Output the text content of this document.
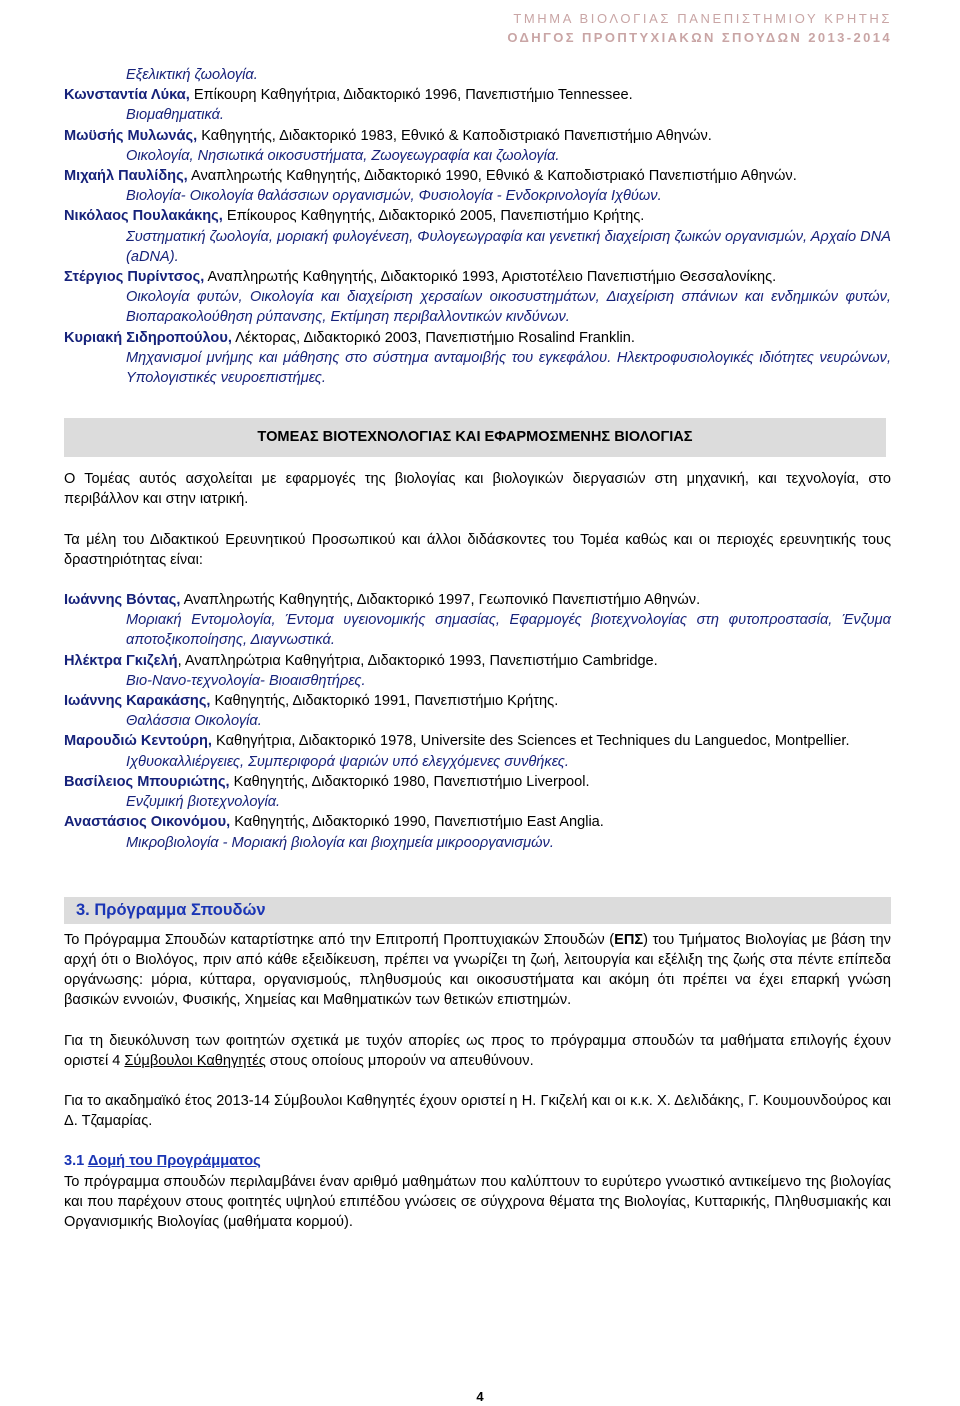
ΤΜΗΜΑ ΒΙΟΛΟΓΙΑΣ ΠΑΝΕΠΙΣΤΗΜΙΟΥ ΚΡΗΤΗΣ
ΟΔΗΓΟΣ ΠΡΟΠΤΥΧΙΑΚΩΝ ΣΠΟΥΔΩΝ 2013-2014
Εξελικτική ζωολογία.
Κωνσταντία Λύκα, Επίκουρη Καθηγήτρια, Διδακτορικό 1996, Πανεπιστήμιο Tennessee.
Βιομαθηματικά.
Μωϋσής Μυλωνάς, Καθηγητής, Διδακτορικό 1983, Εθνικό & Καποδιστριακό Πανεπιστήμιο Αθηνών.
Οικολογία, Νησιωτικά οικοσυστήματα, Ζωογεωγραφία και ζωολογία.
Μιχαήλ Παυλίδης, Αναπληρωτής Καθηγητής, Διδακτορικό 1990, Εθνικό & Καποδιστριακό Πανεπιστήμιο Αθηνών.
Βιολογία- Οικολογία θαλάσσιων οργανισμών, Φυσιολογία - Ενδοκρινολογία Ιχθύων.
Νικόλαος Πουλακάκης, Επίκουρος Καθηγητής, Διδακτορικό 2005, Πανεπιστήμιο Κρήτης.
Συστηματική ζωολογία, μοριακή φυλογένεση, Φυλογεωγραφία και γενετική διαχείριση ζωικών οργανισμών, Αρχαίο DNA (aDNA).
Στέργιος Πυρίντσος, Αναπληρωτής Καθηγητής, Διδακτορικό 1993, Αριστοτέλειο Πανεπιστήμιο Θεσσαλονίκης.
Οικολογία φυτών, Οικολογία και διαχείριση χερσαίων οικοσυστημάτων, Διαχείριση σπάνιων και ενδημικών φυτών, Βιοπαρακολούθηση ρύπανσης, Εκτίμηση περιβαλλοντικών κινδύνων.
Κυριακή Σιδηροπούλου, Λέκτορας, Διδακτορικό 2003, Πανεπιστήμιο Rosalind Franklin.
Μηχανισμοί μνήμης και μάθησης στο σύστημα ανταμοιβής του εγκεφάλου. Ηλεκτροφυσιολογικές ιδιότητες νευρώνων, Υπολογιστικές νευροεπιστήμες.
ΤΟΜΕΑΣ ΒΙΟΤΕΧΝΟΛΟΓΙΑΣ ΚΑΙ ΕΦΑΡΜΟΣΜΕΝΗΣ ΒΙΟΛΟΓΙΑΣ

Ο Τομέας αυτός ασχολείται με εφαρμογές της βιολογίας και βιολογικών διεργασιών στη μηχανική, και τεχνολογία, στο περιβάλλον και στην ιατρική.

Τα μέλη του Διδακτικού Ερευνητικού Προσωπικού και άλλοι διδάσκοντες του Τομέα καθώς και οι περιοχές ερευνητικής τους δραστηριότητας είναι:

Ιωάννης Βόντας, Αναπληρωτής Καθηγητής, Διδακτορικό 1997, Γεωπονικό Πανεπιστήμιο Αθηνών.
Μοριακή Εντομολογία, Έντομα υγειονομικής σημασίας, Εφαρμογές βιοτεχνολογίας στη φυτοπροστασία, Ένζυμα αποτοξικοποίησης, Διαγνωστικά.
Ηλέκτρα Γκιζελή, Αναπληρώτρια Καθηγήτρια, Διδακτορικό 1993, Πανεπιστήμιο Cambridge.
Βιο-Νανο-τεχνολογία- Βιοαισθητήρες.
Ιωάννης Καρακάσης, Καθηγητής, Διδακτορικό 1991, Πανεπιστήμιο Κρήτης.
Θαλάσσια Οικολογία.
Μαρουδιώ Κεντούρη, Καθηγήτρια, Διδακτορικό 1978, Universite des Sciences et Techniques du Languedoc, Montpellier.
Ιχθυοκαλλιέργειες, Συμπεριφορά ψαριών υπό ελεγχόμενες συνθήκες.
Βασίλειος Μπουριώτης, Καθηγητής, Διδακτορικό 1980, Πανεπιστήμιο Liverpool.
Ενζυμική βιοτεχνολογία.
Αναστάσιος Οικονόμου, Καθηγητής, Διδακτορικό 1990, Πανεπιστήμιο East Anglia.
Μικροβιολογία - Μοριακή βιολογία και βιοχημεία μικροοργανισμών.
3. Πρόγραμμα Σπουδών

Το Πρόγραμμα Σπουδών καταρτίστηκε από την Επιτροπή Προπτυχιακών Σπουδών (ΕΠΣ) του Τμήματος Βιολογίας με βάση την αρχή ότι ο Βιολόγος, πριν από κάθε εξειδίκευση, πρέπει να γνωρίζει τη ζωή, λειτουργία και εξέλιξη της ζωής στα πέντε επίπεδα οργάνωσης: μόρια, κύτταρα, οργανισμούς, πληθυσμούς και οικοσυστήματα και ακόμη ότι πρέπει να έχει επαρκή γνώση βασικών εννοιών, Φυσικής, Χημείας και Μαθηματικών των θετικών επιστημών.

Για τη διευκόλυνση των φοιτητών σχετικά με τυχόν απορίες ως προς το πρόγραμμα σπουδών τα μαθήματα επιλογής έχουν οριστεί 4 Σύμβουλοι Καθηγητές στους οποίους μπορούν να απευθύνουν.

Για το ακαδημαϊκό έτος 2013-14 Σύμβουλοι Καθηγητές έχουν οριστεί η Η. Γκιζελή και οι κ.κ. Χ. Δελιδάκης, Γ. Κουμουνδούρος και Δ. Τζαμαρίας.

3.1 Δομή του Προγράμματος

Το πρόγραμμα σπουδών περιλαμβάνει έναν αριθμό μαθημάτων που καλύπτουν το ευρύτερο γνωστικό αντικείμενο της βιολογίας και που παρέχουν στους φοιτητές υψηλού επιπέδου γνώσεις σε σύγχρονα θέματα της Βιολογίας, Κυτταρικής, Πληθυσμιακής και Οργανισμικής Βιολογίας (μαθήματα κορμού).

4
